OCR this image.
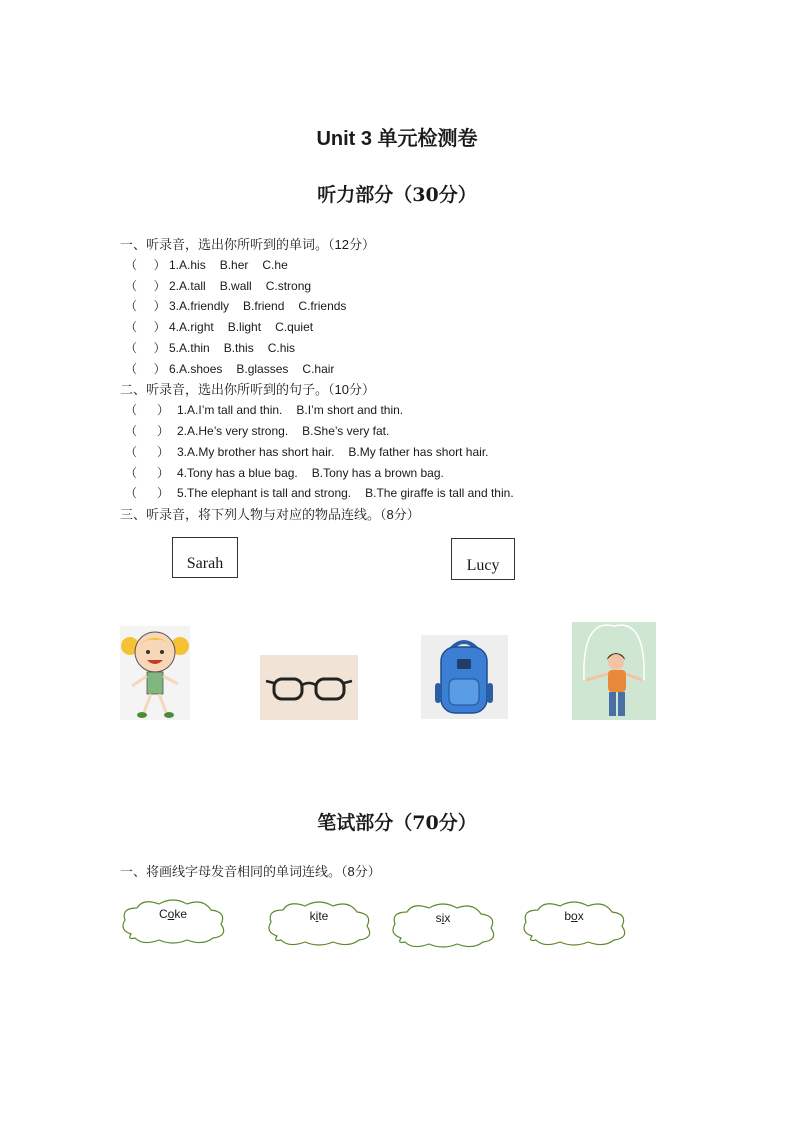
Unit 3 单元检测卷
听力部分（30分）
一、听录音，选出你所听到的单词。（12分）
（     ） 1.A.his B.her C.he
（     ） 2.A.tall B.wall C.strong
（     ） 3.A.friendly B.friend C.friends
（     ） 4.A.right B.light C.quiet
（     ） 5.A.thin B.this C.his
（     ） 6.A.shoes B.glasses C.hair
二、听录音，选出你所听到的句子。（10分）
（      ） 1.A.I’m tall and thin. B.I’m short and thin.
（      ） 2.A.He’s very strong. B.She’s very fat.
（      ） 3.A.My brother has short hair. B.My father has short hair.
（      ） 4.Tony has a blue bag. B.Tony has a brown bag.
（      ） 5.The elephant is tall and strong. B.The giraffe is tall and thin.
三、听录音，将下列人物与对应的物品连线。（8分）
Sarah	Lucy
笔试部分（70分）
一、将画线字母发音相同的单词连线。（8分）
Coke	kite	six	box
